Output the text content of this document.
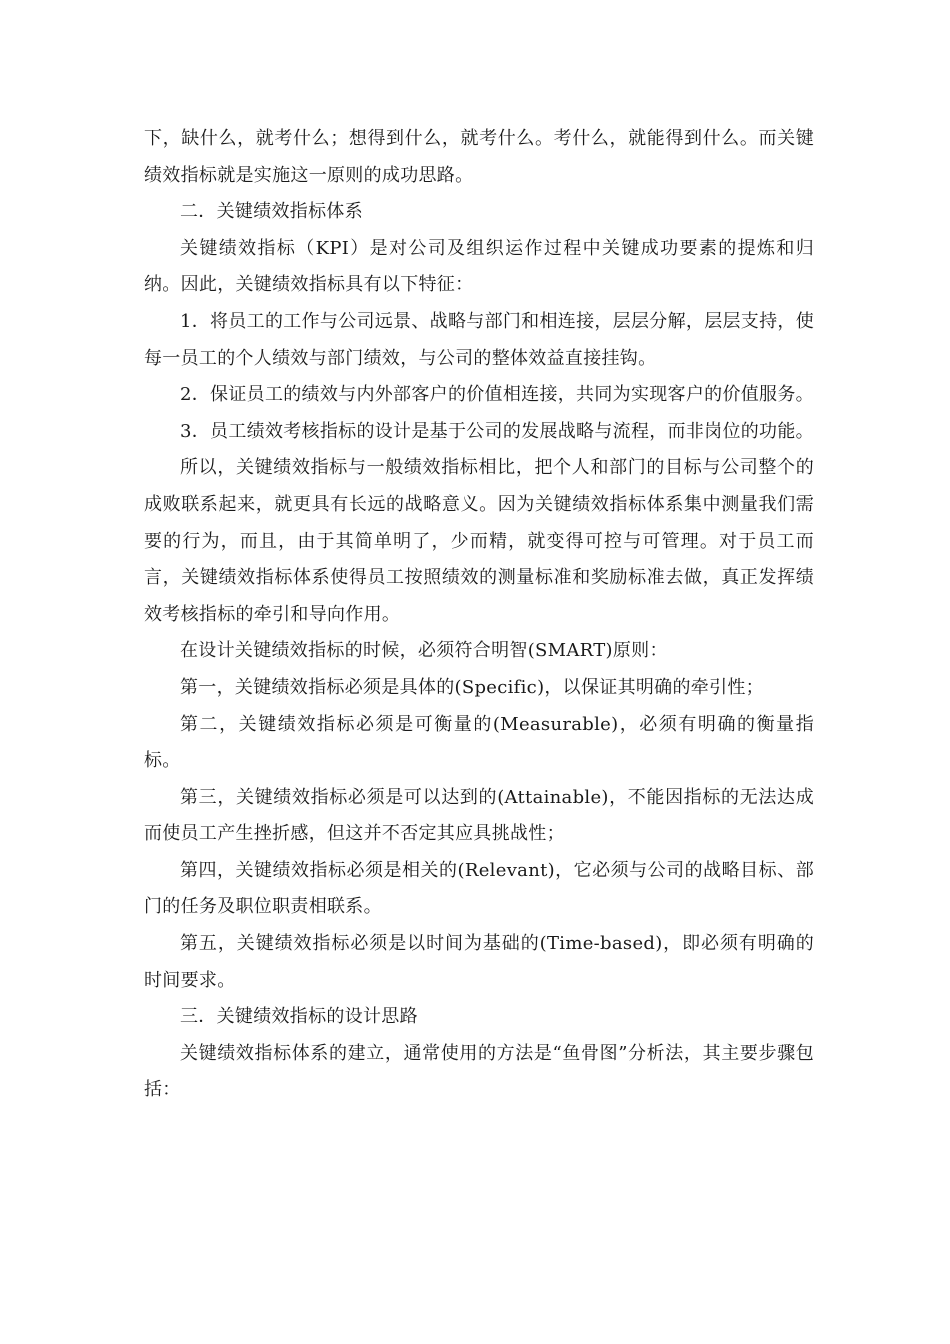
下，缺什么，就考什么；想得到什么，就考什么。考什么，就能得到什么。而关键绩效指标就是实施这一原则的成功思路。

二．关键绩效指标体系

关键绩效指标（KPI）是对公司及组织运作过程中关键成功要素的提炼和归纳。因此，关键绩效指标具有以下特征：

1．将员工的工作与公司远景、战略与部门和相连接，层层分解，层层支持，使每一员工的个人绩效与部门绩效，与公司的整体效益直接挂钩。

2．保证员工的绩效与内外部客户的价值相连接，共同为实现客户的价值服务。

3．员工绩效考核指标的设计是基于公司的发展战略与流程，而非岗位的功能。

所以，关键绩效指标与一般绩效指标相比，把个人和部门的目标与公司整个的成败联系起来，就更具有长远的战略意义。因为关键绩效指标体系集中测量我们需要的行为，而且，由于其简单明了，少而精，就变得可控与可管理。对于员工而言，关键绩效指标体系使得员工按照绩效的测量标准和奖励标准去做，真正发挥绩效考核指标的牵引和导向作用。

在设计关键绩效指标的时候，必须符合明智(SMART)原则：

第一，关键绩效指标必须是具体的(Specific)，以保证其明确的牵引性；

第二，关键绩效指标必须是可衡量的(Measurable)，必须有明确的衡量指标。

第三，关键绩效指标必须是可以达到的(Attainable)，不能因指标的无法达成而使员工产生挫折感，但这并不否定其应具挑战性；

第四，关键绩效指标必须是相关的(Relevant)，它必须与公司的战略目标、部门的任务及职位职责相联系。

第五，关键绩效指标必须是以时间为基础的(Time-based)，即必须有明确的时间要求。

三．关键绩效指标的设计思路

关键绩效指标体系的建立，通常使用的方法是“鱼骨图”分析法，其主要步骤包括：
